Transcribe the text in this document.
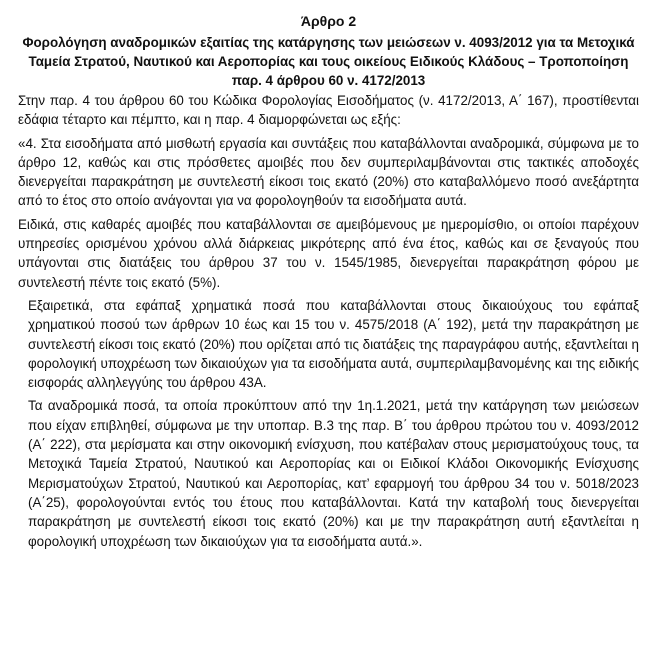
Άρθρο 2
Φορολόγηση αναδρομικών εξαιτίας της κατάργησης των μειώσεων ν. 4093/2012 για τα Μετοχικά Ταμεία Στρατού, Ναυτικού και Αεροπορίας και τους οικείους Ειδικούς Κλάδους – Τροποποίηση παρ. 4 άρθρου 60 ν. 4172/2013
Στην παρ. 4 του άρθρου 60 του Κώδικα Φορολογίας Εισοδήματος (ν. 4172/2013, Α΄ 167), προστίθενται εδάφια τέταρτο και πέμπτο, και η παρ. 4 διαμορφώνεται ως εξής:
«4. Στα εισοδήματα από μισθωτή εργασία και συντάξεις που καταβάλλονται αναδρομικά, σύμφωνα με το άρθρο 12, καθώς και στις πρόσθετες αμοιβές που δεν συμπεριλαμβάνονται στις τακτικές αποδοχές διενεργείται παρακράτηση με συντελεστή είκοσι τοις εκατό (20%) στο καταβαλλόμενο ποσό ανεξάρτητα από το έτος στο οποίο ανάγονται για να φορολογηθούν τα εισοδήματα αυτά.
Ειδικά, στις καθαρές αμοιβές που καταβάλλονται σε αμειβόμενους με ημερομίσθιο, οι οποίοι παρέχουν υπηρεσίες ορισμένου χρόνου αλλά διάρκειας μικρότερης από ένα έτος, καθώς και σε ξεναγούς που υπάγονται στις διατάξεις του άρθρου 37 του ν. 1545/1985, διενεργείται παρακράτηση φόρου με συντελεστή πέντε τοις εκατό (5%).
Εξαιρετικά, στα εφάπαξ χρηματικά ποσά που καταβάλλονται στους δικαιούχους του εφάπαξ χρηματικού ποσού των άρθρων 10 έως και 15 του ν. 4575/2018 (Α΄ 192), μετά την παρακράτηση με συντελεστή είκοσι τοις εκατό (20%) που ορίζεται από τις διατάξεις της παραγράφου αυτής, εξαντλείται η φορολογική υποχρέωση των δικαιούχων για τα εισοδήματα αυτά, συμπεριλαμβανομένης και της ειδικής εισφοράς αλληλεγγύης του άρθρου 43Α.
Τα αναδρομικά ποσά, τα οποία προκύπτουν από την 1η.1.2021, μετά την κατάργηση των μειώσεων που είχαν επιβληθεί, σύμφωνα με την υποπαρ. Β.3 της παρ. Β΄ του άρθρου πρώτου του ν. 4093/2012 (Α΄ 222), στα μερίσματα και στην οικονομική ενίσχυση, που κατέβαλαν στους μερισματούχους τους, τα Μετοχικά Ταμεία Στρατού, Ναυτικού και Αεροπορίας και οι Ειδικοί Κλάδοι Οικονομικής Ενίσχυσης Μερισματούχων Στρατού, Ναυτικού και Αεροπορίας, κατ’ εφαρμογή του άρθρου 34 του ν. 5018/2023 (Α΄25), φορολογούνται εντός του έτους που καταβάλλονται. Κατά την καταβολή τους διενεργείται παρακράτηση με συντελεστή είκοσι τοις εκατό (20%) και με την παρακράτηση αυτή εξαντλείται η φορολογική υποχρέωση των δικαιούχων για τα εισοδήματα αυτά.».
